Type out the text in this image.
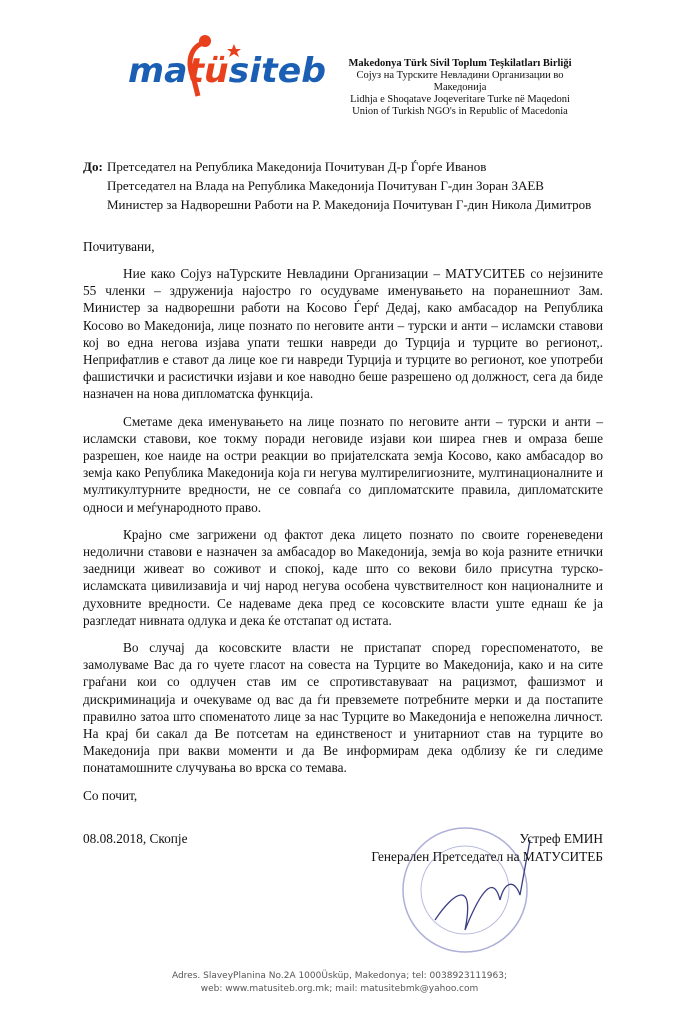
matüsiteb	Makedonya Türk Sivil Toplum Teşkilatları Birliği
Сојуз на Турските Невладини Организации во Македонија
Lidhja e Shoqatave Joqeveritare Turke në Maqedoni
Union of Turkish NGO's in Republic of Macedonia
До: Претседател на Република Македонија Почитуван Д-р Ѓорѓе Иванов
Претседател на Влада на Република Македонија Почитуван Г-дин Зоран ЗАЕВ
Министер за Надворешни Работи на Р. Македонија Почитуван Г-дин Никола Димитров
Почитувани,

Ние како Сојуз наТурските Невладини Организации – МАТУСИТЕБ со нејзините 55 членки – здруженија најостро го осудуваме именувањето на поранешниот Зам. Министер за надворешни работи на Косово Ѓерѓ Дедај, како амбасадор на Република Косово во Македонија, лице познато по неговите анти – турски и анти – исламски ставови кој во една негова изјава упати тешки навреди до Турција и турците во регионот,. Неприфатлив е ставот да лице кое ги навреди Турција и турците во регионот, кое употреби фашистички и расистички изјави и кое наводно беше разрешено од должност, сега да биде назначен на нова дипломатска функција.

Сметаме дека именувањето на лице познато по неговите анти – турски и анти – исламски ставови, кое токму поради неговиде изјави кои ширеа гнев и омраза беше разрешен, кое наиде на остри реакции во пријателската земја Косово, како амбасадор во земја како Република Македонија која ги негува мултирелигиозните, мултинационалните и мултикултурните вредности, не се совпаѓа со дипломатските правила, дипломатските односи и меѓународното право.

Крајно сме загрижени од фактот дека лицето познато по своите гореневедени недолични ставови е назначен за амбасадор во Македонија, земја во која разните етнички заедници живеат во соживот и спокој, каде што со векови било присутна турско-исламската цивилизавија и чиј народ негува особена чувствителност кон националните и духовните вредности. Се надеваме дека пред се косовските власти уште еднаш ќе ја разгледат нивната одлука и дека ќе отстапат од истата.

Во случај да косовските власти не пристапат според гореспоменатото, ве замолуваме Вас да го чуете гласот на совеста на Турците во Македонија, како и на сите граѓани кои со одлучен став им се спротивставуваат на рацизмот, фашизмот и дискриминација и очекуваме од вас да ѓи превземете потребните мерки и да постапите правилно затоа што споменатото лице за нас Турците во Македонија е непожелна личност. На крај би сакал да Ве потсетам на единственост и унитарниот став на турците во Македонија при вакви моменти и да Ве информирам дека одблизу ќе ги следиме понатамошните случувања во врска со темава.

Со почит,
08.08.2018, Скопје	Устреф ЕМИН
Генерален Претседател на МАТУСИТЕБ
Adres. SlaveyPlanina No.2A 1000Üsküp, Makedonya; tel: 0038923111963;
web: www.matusiteb.org.mk; mail: matusitebmk@yahoo.com
